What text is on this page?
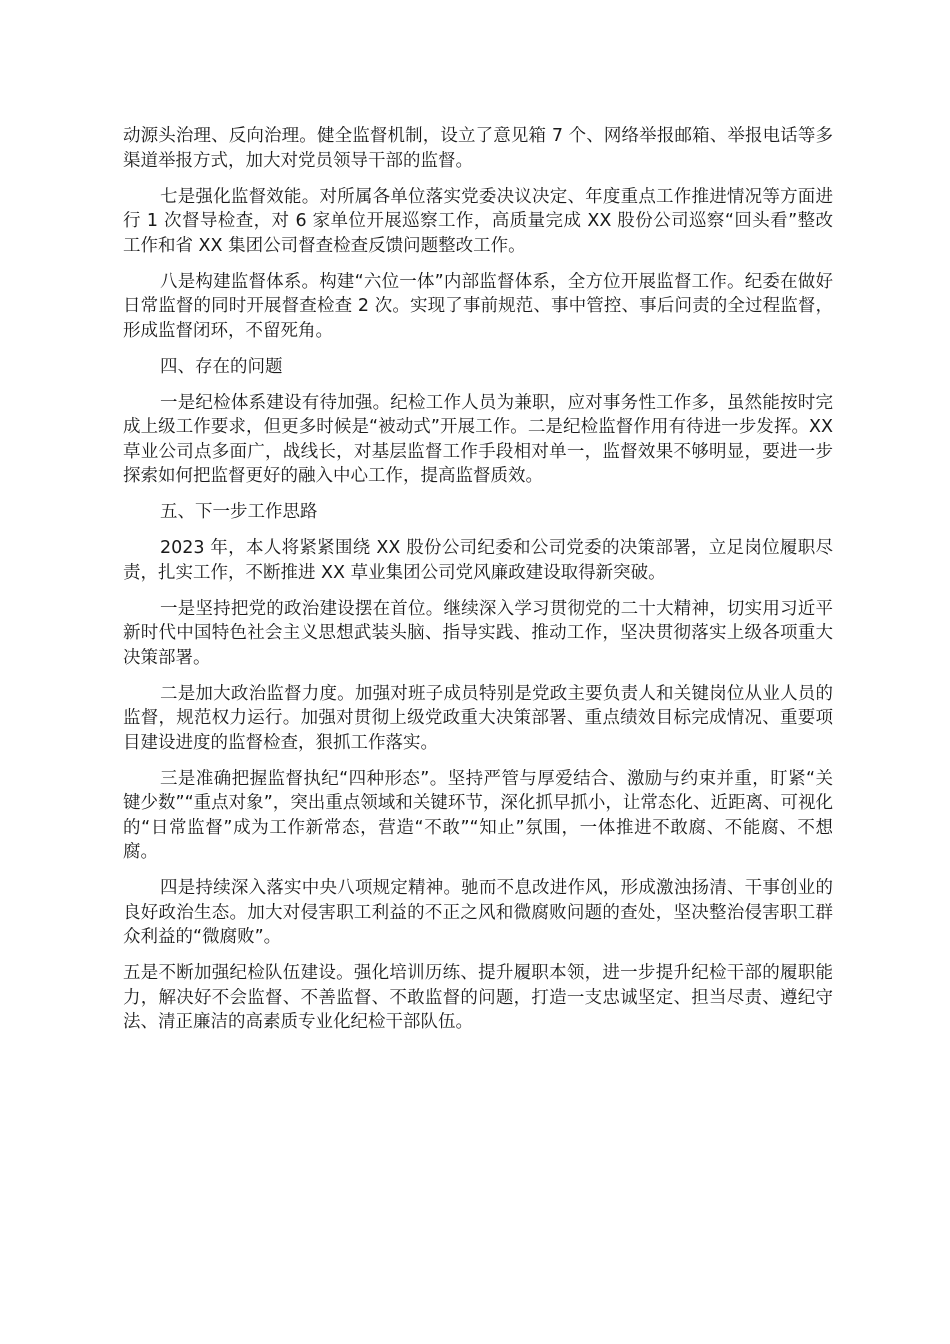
动源头治理、反向治理。健全监督机制，设立了意见箱 7 个、网络举报邮箱、举报电话等多渠道举报方式，加大对党员领导干部的监督。

七是强化监督效能。对所属各单位落实党委决议决定、年度重点工作推进情况等方面进行 1 次督导检查，对 6 家单位开展巡察工作，高质量完成 XX 股份公司巡察“回头看”整改工作和省 XX 集团公司督查检查反馈问题整改工作。

八是构建监督体系。构建“六位一体”内部监督体系，全方位开展监督工作。纪委在做好日常监督的同时开展督查检查 2 次。实现了事前规范、事中管控、事后问责的全过程监督，形成监督闭环，不留死角。

四、存在的问题

一是纪检体系建设有待加强。纪检工作人员为兼职，应对事务性工作多，虽然能按时完成上级工作要求，但更多时候是“被动式”开展工作。二是纪检监督作用有待进一步发挥。XX 草业公司点多面广，战线长，对基层监督工作手段相对单一，监督效果不够明显，要进一步探索如何把监督更好的融入中心工作，提高监督质效。

五、下一步工作思路

2023 年，本人将紧紧围绕 XX 股份公司纪委和公司党委的决策部署，立足岗位履职尽责，扎实工作，不断推进 XX 草业集团公司党风廉政建设取得新突破。

一是坚持把党的政治建设摆在首位。继续深入学习贯彻党的二十大精神，切实用习近平新时代中国特色社会主义思想武装头脑、指导实践、推动工作，坚决贯彻落实上级各项重大决策部署。

二是加大政治监督力度。加强对班子成员特别是党政主要负责人和关键岗位从业人员的监督，规范权力运行。加强对贯彻上级党政重大决策部署、重点绩效目标完成情况、重要项目建设进度的监督检查，狠抓工作落实。

三是准确把握监督执纪“四种形态”。坚持严管与厚爱结合、激励与约束并重，盯紧“关键少数”“重点对象”，突出重点领域和关键环节，深化抓早抓小，让常态化、近距离、可视化的“日常监督”成为工作新常态，营造“不敢”“知止”氛围，一体推进不敢腐、不能腐、不想腐。

四是持续深入落实中央八项规定精神。驰而不息改进作风，形成激浊扬清、干事创业的良好政治生态。加大对侵害职工利益的不正之风和微腐败问题的查处，坚决整治侵害职工群众利益的“微腐败”。

五是不断加强纪检队伍建设。强化培训历练、提升履职本领，进一步提升纪检干部的履职能力，解决好不会监督、不善监督、不敢监督的问题，打造一支忠诚坚定、担当尽责、遵纪守法、清正廉洁的高素质专业化纪检干部队伍。
